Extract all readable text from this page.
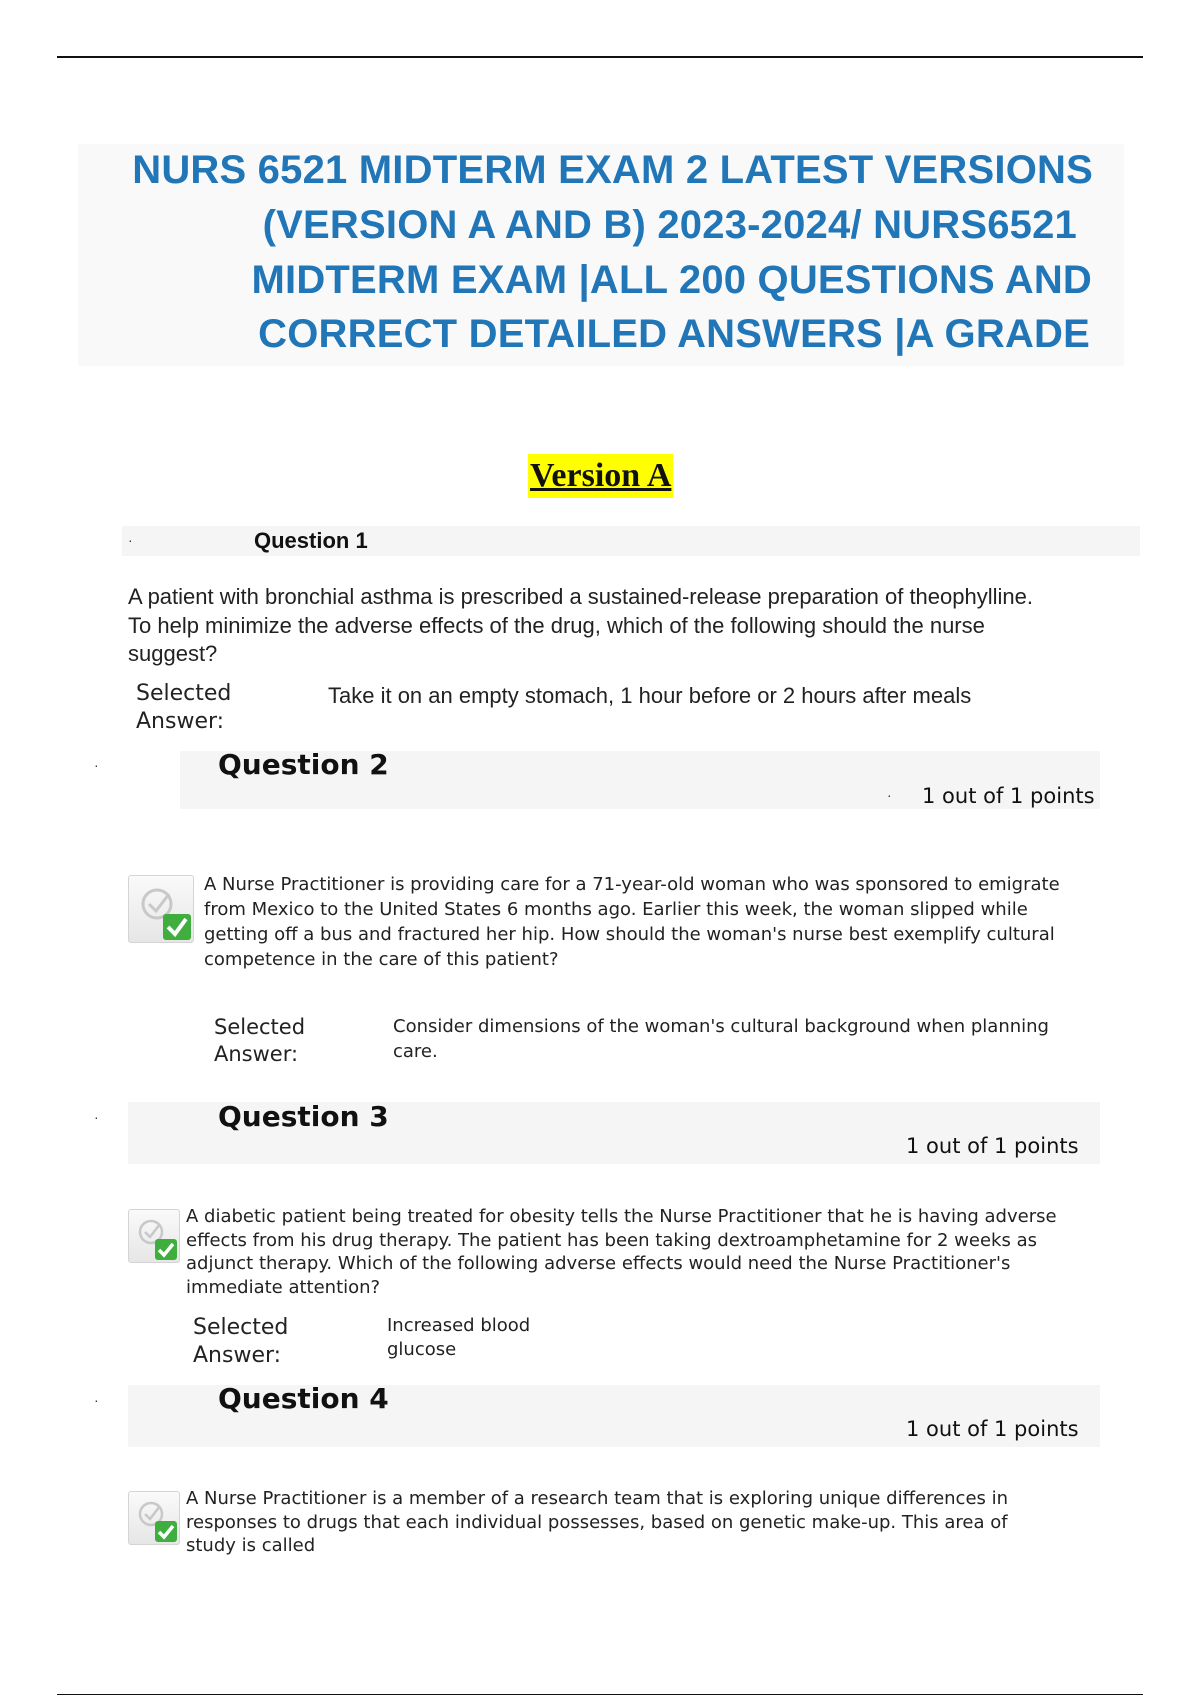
NURS 6521 MIDTERM EXAM 2 LATEST VERSIONS
(VERSION A AND B) 2023-2024/ NURS6521
MIDTERM EXAM |ALL 200 QUESTIONS AND
CORRECT DETAILED ANSWERS |A GRADE
Version A
·	Question 1
A patient with bronchial asthma is prescribed a sustained-release preparation of theophylline. To help minimize the adverse effects of the drug, which of the following should the nurse suggest?
Selected
Answer:
Take it on an empty stomach, 1 hour before or 2 hours after meals
·	Question 2
· 1 out of 1 points
A Nurse Practitioner is providing care for a 71-year-old woman who was sponsored to emigrate from Mexico to the United States 6 months ago. Earlier this week, the woman slipped while getting off a bus and fractured her hip. How should the woman's nurse best exemplify cultural competence in the care of this patient?
Selected
Answer:
Consider dimensions of the woman's cultural background when planning care.
·	Question 3
1 out of 1 points
A diabetic patient being treated for obesity tells the Nurse Practitioner that he is having adverse effects from his drug therapy. The patient has been taking dextroamphetamine for 2 weeks as adjunct therapy. Which of the following adverse effects would need the Nurse Practitioner's immediate attention?
Selected
Answer:
Increased blood
glucose
·	Question 4
1 out of 1 points
A Nurse Practitioner is a member of a research team that is exploring unique differences in responses to drugs that each individual possesses, based on genetic make-up. This area of study is called
